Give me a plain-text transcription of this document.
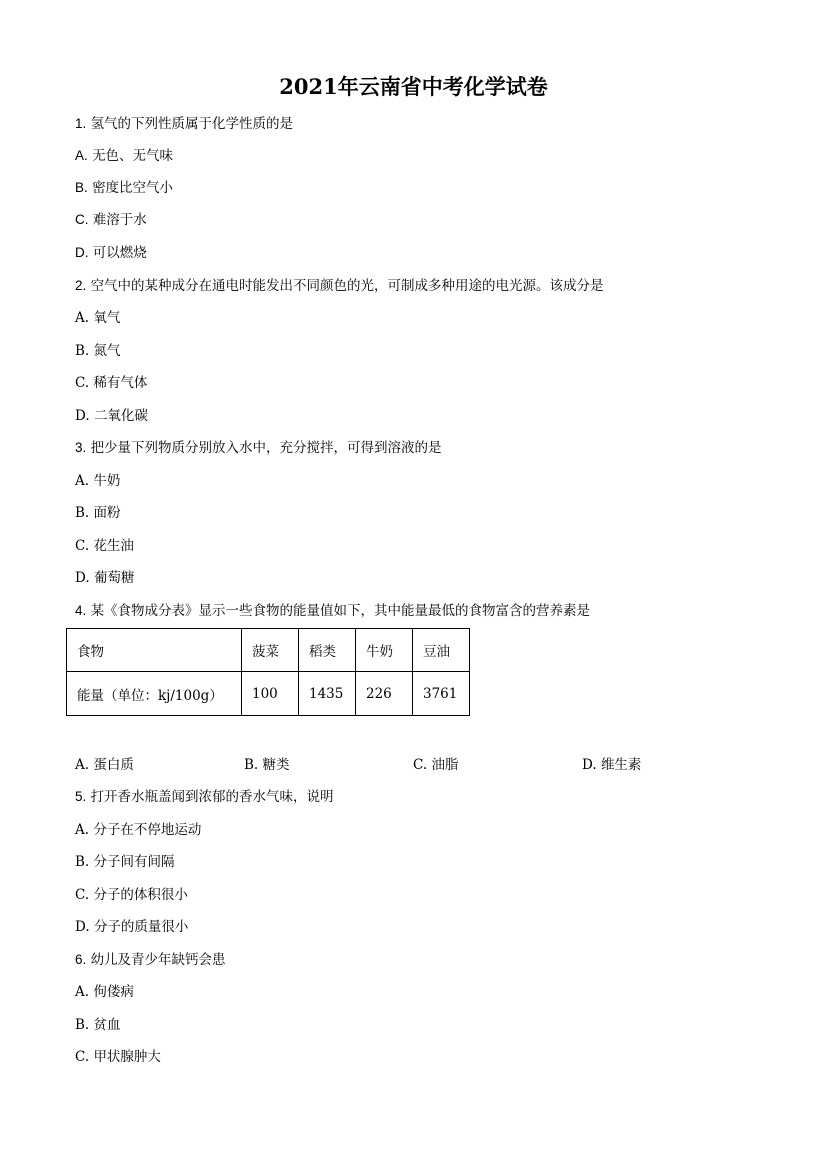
2021年云南省中考化学试卷
1. 氢气的下列性质属于化学性质的是
A. 无色、无气味
B. 密度比空气小
C. 难溶于水
D. 可以燃烧
2. 空气中的某种成分在通电时能发出不同颜色的光，可制成多种用途的电光源。该成分是
A. 氧气
B. 氮气
C. 稀有气体
D. 二氧化碳
3. 把少量下列物质分别放入水中，充分搅拌，可得到溶液的是
A. 牛奶
B. 面粉
C. 花生油
D. 葡萄糖
4. 某《食物成分表》显示一些食物的能量值如下，其中能量最低的食物富含的营养素是
食物	菠菜	稻类	牛奶	豆油
能量（单位：kj/100g）	100	1435	226	3761
A. 蛋白质	B. 糖类	C. 油脂	D. 维生素
5. 打开香水瓶盖闻到浓郁的香水气味，说明
A. 分子在不停地运动
B. 分子间有间隔
C. 分子的体积很小
D. 分子的质量很小
6. 幼儿及青少年缺钙会患
A. 佝偻病
B. 贫血
C. 甲状腺肿大
